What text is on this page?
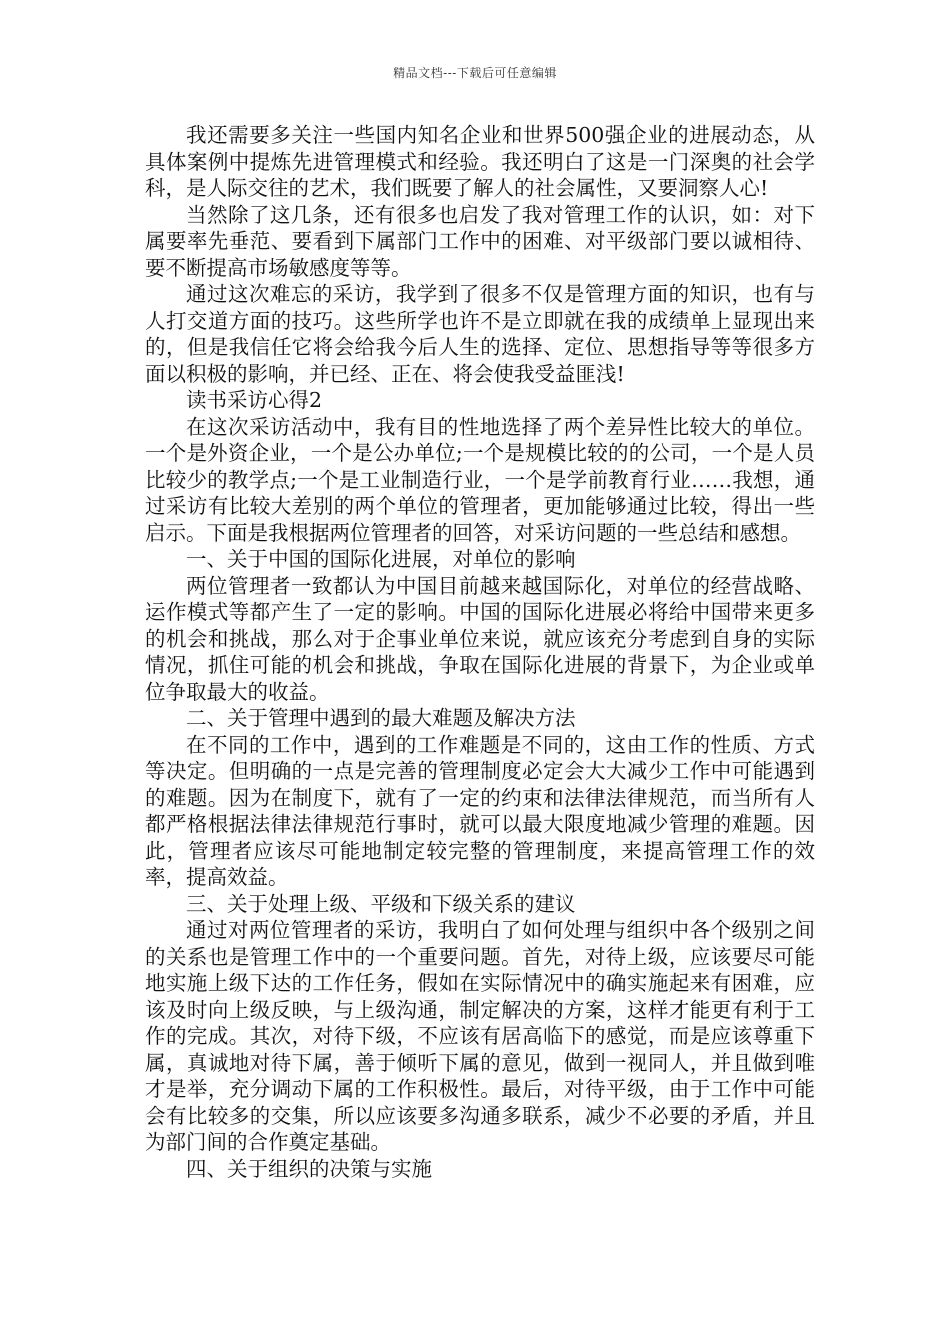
精品文档---下载后可任意编辑

我还需要多关注一些国内知名企业和世界500强企业的进展动态，从具体案例中提炼先进管理模式和经验。我还明白了这是一门深奥的社会学科，是人际交往的艺术，我们既要了解人的社会属性，又要洞察人心!

当然除了这几条，还有很多也启发了我对管理工作的认识，如：对下属要率先垂范、要看到下属部门工作中的困难、对平级部门要以诚相待、要不断提高市场敏感度等等。

通过这次难忘的采访，我学到了很多不仅是管理方面的知识，也有与人打交道方面的技巧。这些所学也许不是立即就在我的成绩单上显现出来的，但是我信任它将会给我今后人生的选择、定位、思想指导等等很多方面以积极的影响，并已经、正在、将会使我受益匪浅!

读书采访心得2

在这次采访活动中，我有目的性地选择了两个差异性比较大的单位。一个是外资企业，一个是公办单位;一个是规模比较的的公司，一个是人员比较少的教学点;一个是工业制造行业，一个是学前教育行业……我想，通过采访有比较大差别的两个单位的管理者，更加能够通过比较，得出一些启示。下面是我根据两位管理者的回答，对采访问题的一些总结和感想。

一、关于中国的国际化进展，对单位的影响

两位管理者一致都认为中国目前越来越国际化，对单位的经营战略、运作模式等都产生了一定的影响。中国的国际化进展必将给中国带来更多的机会和挑战，那么对于企事业单位来说，就应该充分考虑到自身的实际情况，抓住可能的机会和挑战，争取在国际化进展的背景下，为企业或单位争取最大的收益。

二、关于管理中遇到的最大难题及解决方法

在不同的工作中，遇到的工作难题是不同的，这由工作的性质、方式等决定。但明确的一点是完善的管理制度必定会大大减少工作中可能遇到的难题。因为在制度下，就有了一定的约束和法律法律规范，而当所有人都严格根据法律法律规范行事时，就可以最大限度地减少管理的难题。因此，管理者应该尽可能地制定较完整的管理制度，来提高管理工作的效率，提高效益。

三、关于处理上级、平级和下级关系的建议

通过对两位管理者的采访，我明白了如何处理与组织中各个级别之间的关系也是管理工作中的一个重要问题。首先，对待上级，应该要尽可能地实施上级下达的工作任务，假如在实际情况中的确实施起来有困难，应该及时向上级反映，与上级沟通，制定解决的方案，这样才能更有利于工作的完成。其次，对待下级，不应该有居高临下的感觉，而是应该尊重下属，真诚地对待下属，善于倾听下属的意见，做到一视同人，并且做到唯才是举，充分调动下属的工作积极性。最后，对待平级，由于工作中可能会有比较多的交集，所以应该要多沟通多联系，减少不必要的矛盾，并且为部门间的合作奠定基础。

四、关于组织的决策与实施
